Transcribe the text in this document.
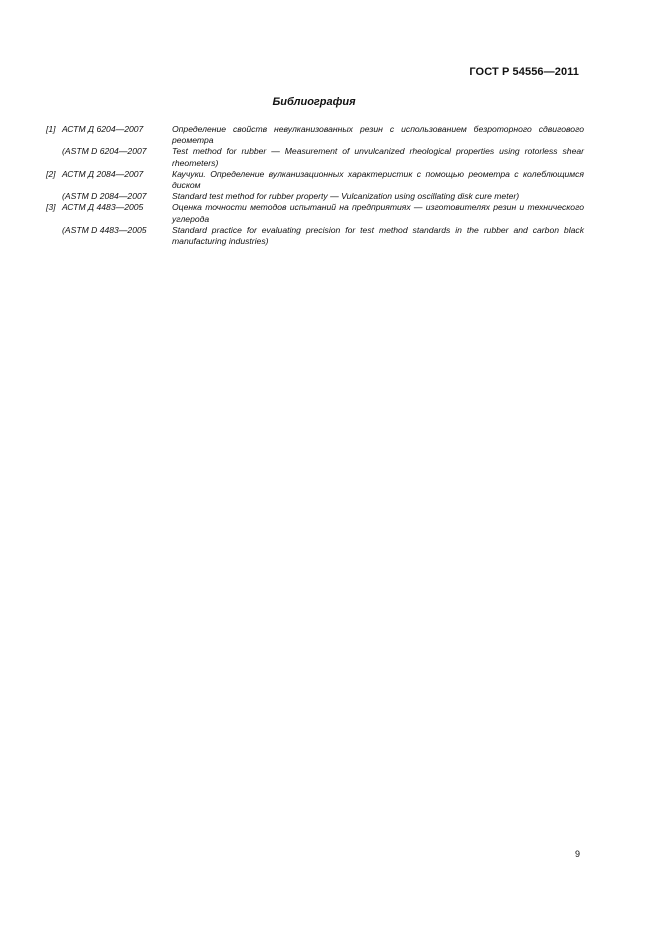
ГОСТ Р 54556—2011
Библиография
[1] АСТМ Д 6204—2007	Определение свойств невулканизованных резин с использованием безроторного сдвигового реометра
(ASTM D 6204—2007	Test method for rubber — Measurement of unvulcanized rheological properties using rotorless shear rheometers)
[2] АСТМ Д 2084—2007	Каучуки. Определение вулканизационных характеристик с помощью реометра с колеблющимся диском
(ASTM D 2084—2007	Standard test method for rubber property — Vulcanization using oscillating disk cure meter)
[3] АСТМ Д 4483—2005	Оценка точности методов испытаний на предприятиях — изготовителях резин и технического углерода
(ASTM D 4483—2005	Standard practice for evaluating precision for test method standards in the rubber and carbon black manufacturing industries)
9
